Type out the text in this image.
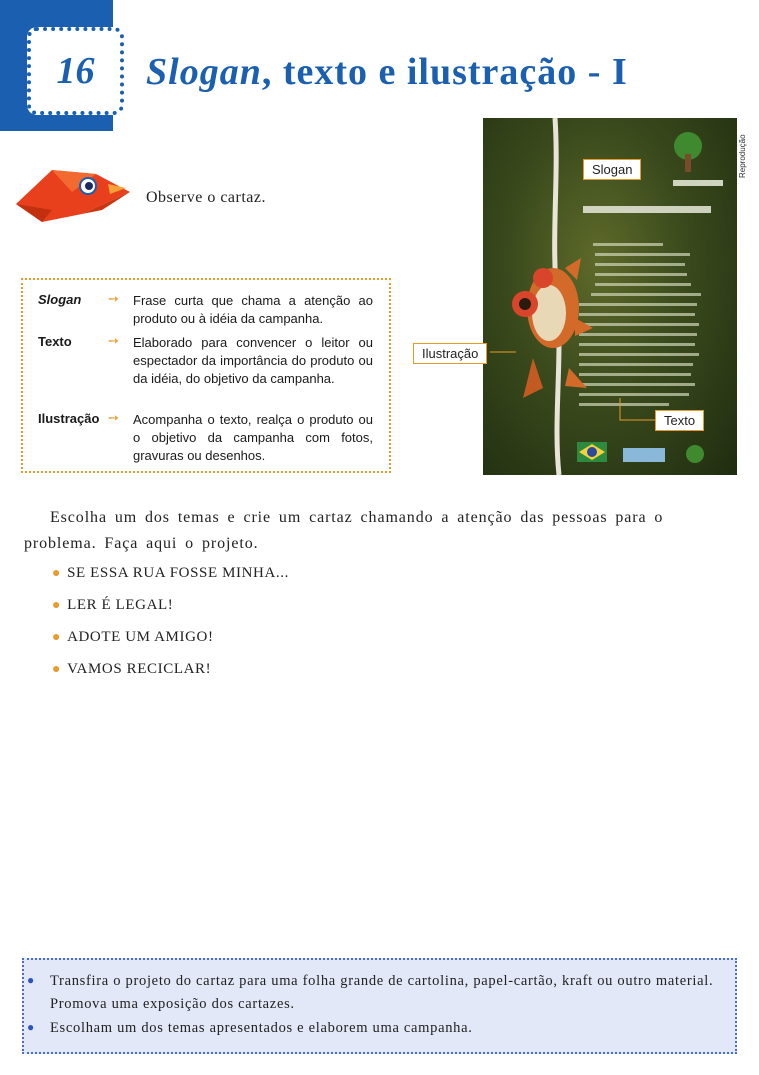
16	Slogan, texto e ilustração - I
Observe o cartaz.
Slogan ➙ Frase curta que chama a atenção ao produto ou à idéia da campanha.
Texto	➙ Elaborado para convencer o leitor ou espectador da importância do produto ou da idéia, do objetivo da campanha.
Ilustração ➙ Acompanha o texto, realça o produto ou o objetivo da campanha com fotos, gravuras ou desenhos.
Slogan	Reprodução
Ilustração
Texto
Escolha um dos temas e crie um cartaz chamando a atenção das pessoas para o problema. Faça aqui o projeto.
● SE ESSA RUA FOSSE MINHA...
● LER É LEGAL!
● ADOTE UM AMIGO!
● VAMOS RECICLAR!
● Transfira o projeto do cartaz para uma folha grande de cartolina, papel-cartão, kraft ou outro material. Promova uma exposição dos cartazes.
● Escolham um dos temas apresentados e elaborem uma campanha.
